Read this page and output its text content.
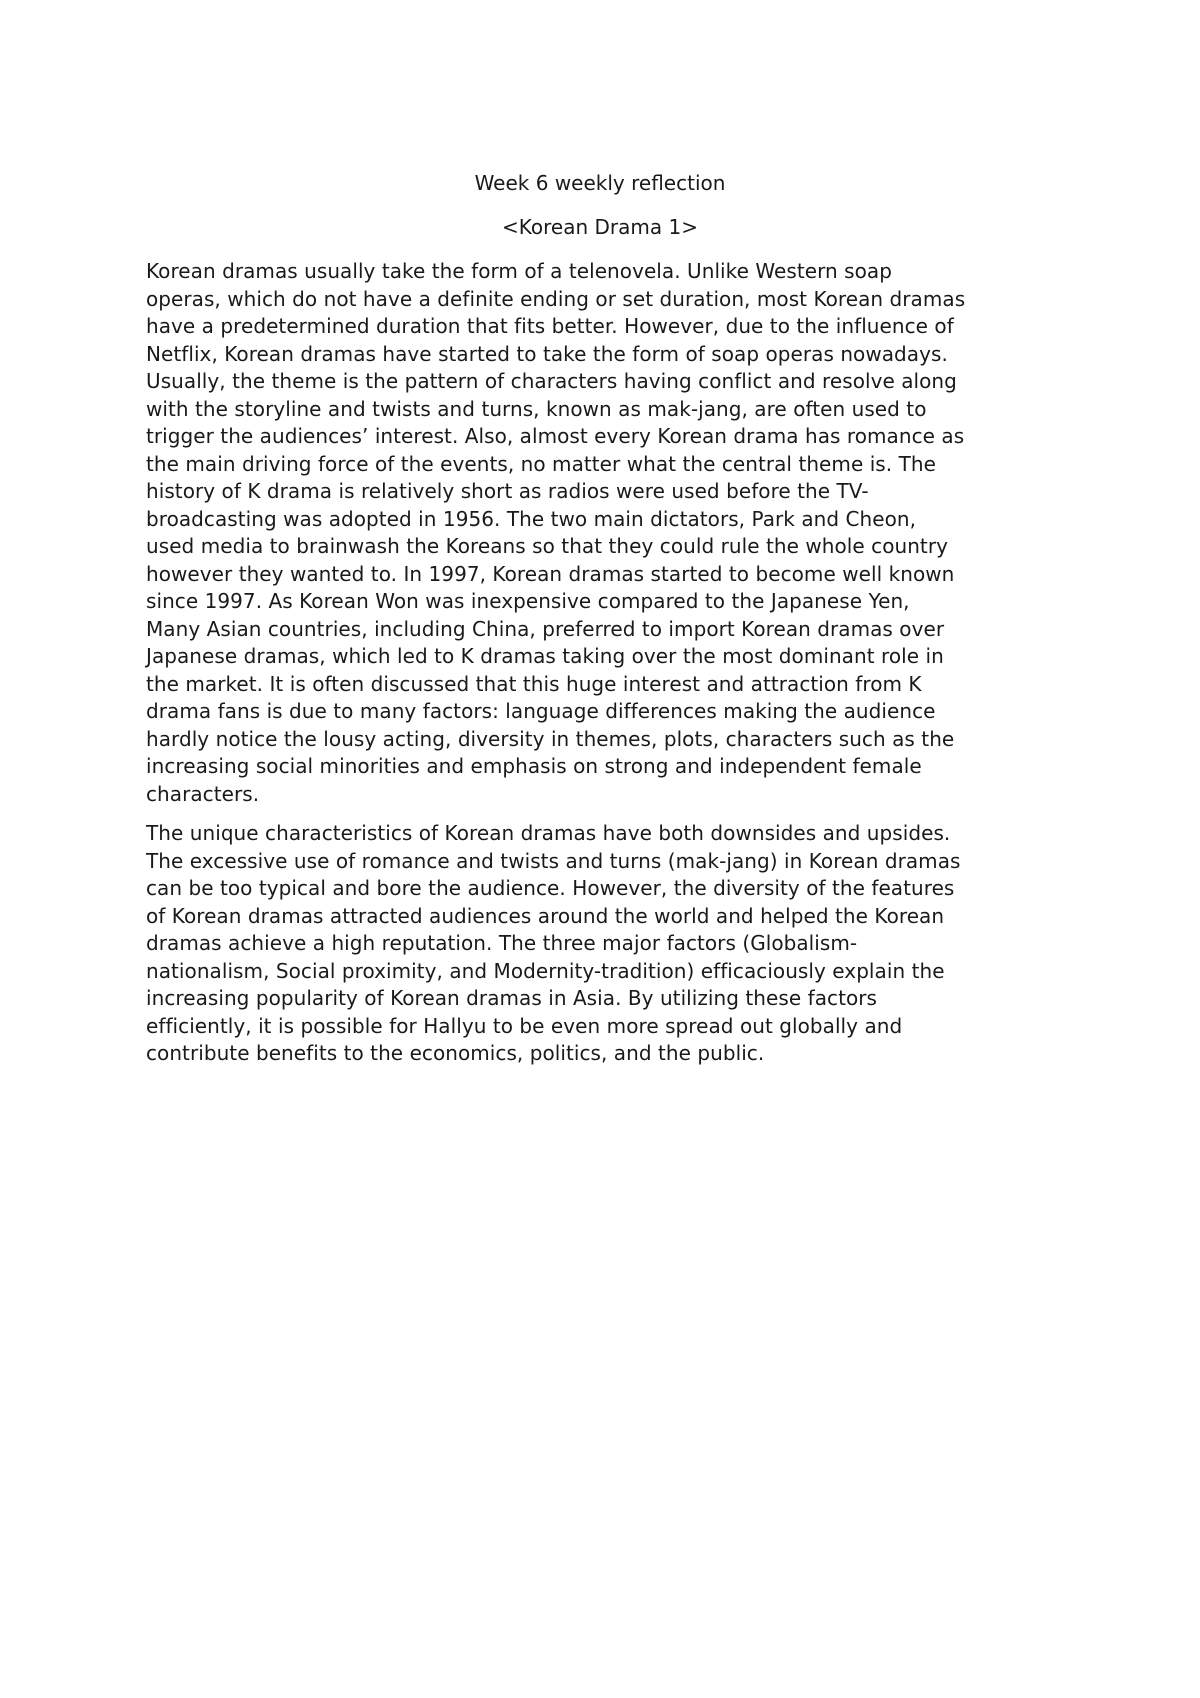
Week 6 weekly reflection
<Korean Drama 1>

Korean dramas usually take the form of a telenovela. Unlike Western soap
operas, which do not have a definite ending or set duration, most Korean dramas
have a predetermined duration that fits better. However, due to the influence of
Netflix, Korean dramas have started to take the form of soap operas nowadays.
Usually, the theme is the pattern of characters having conflict and resolve along
with the storyline and twists and turns, known as mak-jang, are often used to
trigger the audiences’ interest. Also, almost every Korean drama has romance as
the main driving force of the events, no matter what the central theme is. The
history of K drama is relatively short as radios were used before the TV-
broadcasting was adopted in 1956. The two main dictators, Park and Cheon,
used media to brainwash the Koreans so that they could rule the whole country
however they wanted to. In 1997, Korean dramas started to become well known
since 1997. As Korean Won was inexpensive compared to the Japanese Yen,
Many Asian countries, including China, preferred to import Korean dramas over
Japanese dramas, which led to K dramas taking over the most dominant role in
the market. It is often discussed that this huge interest and attraction from K
drama fans is due to many factors: language differences making the audience
hardly notice the lousy acting, diversity in themes, plots, characters such as the
increasing social minorities and emphasis on strong and independent female
characters.

The unique characteristics of Korean dramas have both downsides and upsides.
The excessive use of romance and twists and turns (mak-jang) in Korean dramas
can be too typical and bore the audience. However, the diversity of the features
of Korean dramas attracted audiences around the world and helped the Korean
dramas achieve a high reputation. The three major factors (Globalism-
nationalism, Social proximity, and Modernity-tradition) efficaciously explain the
increasing popularity of Korean dramas in Asia. By utilizing these factors
efficiently, it is possible for Hallyu to be even more spread out globally and
contribute benefits to the economics, politics, and the public.
